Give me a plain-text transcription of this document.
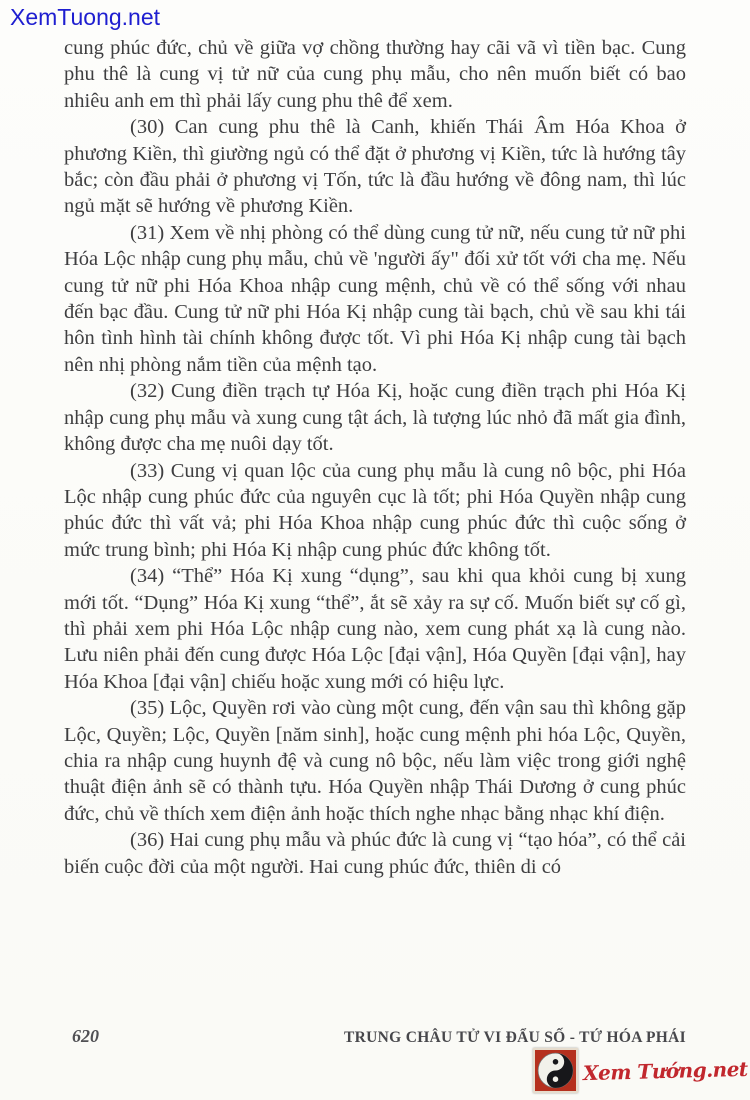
XemTuong.net

cung phúc đức, chủ về giữa vợ chồng thường hay cãi vã vì tiền bạc. Cung phu thê là cung vị tử nữ của cung phụ mẫu, cho nên muốn biết có bao nhiêu anh em thì phải lấy cung phu thê để xem.

(30) Can cung phu thê là Canh, khiến Thái Âm Hóa Khoa ở phương Kiền, thì giường ngủ có thể đặt ở phương vị Kiền, tức là hướng tây bắc; còn đầu phải ở phương vị Tốn, tức là đầu hướng về đông nam, thì lúc ngủ mặt sẽ hướng về phương Kiền.

(31) Xem về nhị phòng có thể dùng cung tử nữ, nếu cung tử nữ phi Hóa Lộc nhập cung phụ mẫu, chủ về 'người ấy" đối xử tốt với cha mẹ. Nếu cung tử nữ phi Hóa Khoa nhập cung mệnh, chủ về có thể sống với nhau đến bạc đầu. Cung tử nữ phi Hóa Kị nhập cung tài bạch, chủ về sau khi tái hôn tình hình tài chính không được tốt. Vì phi Hóa Kị nhập cung tài bạch nên nhị phòng nắm tiền của mệnh tạo.

(32) Cung điền trạch tự Hóa Kị, hoặc cung điền trạch phi Hóa Kị nhập cung phụ mẫu và xung cung tật ách, là tượng lúc nhỏ đã mất gia đình, không được cha mẹ nuôi dạy tốt.

(33) Cung vị quan lộc của cung phụ mẫu là cung nô bộc, phi Hóa Lộc nhập cung phúc đức của nguyên cục là tốt; phi Hóa Quyền nhập cung phúc đức thì vất vả; phi Hóa Khoa nhập cung phúc đức thì cuộc sống ở mức trung bình; phi Hóa Kị nhập cung phúc đức không tốt.

(34) “Thể” Hóa Kị xung “dụng”, sau khi qua khỏi cung bị xung mới tốt. “Dụng” Hóa Kị xung “thể”, ắt sẽ xảy ra sự cố. Muốn biết sự cố gì, thì phải xem phi Hóa Lộc nhập cung nào, xem cung phát xạ là cung nào. Lưu niên phải đến cung được Hóa Lộc [đại vận], Hóa Quyền [đại vận], hay Hóa Khoa [đại vận] chiếu hoặc xung mới có hiệu lực.

(35) Lộc, Quyền rơi vào cùng một cung, đến vận sau thì không gặp Lộc, Quyền; Lộc, Quyền [năm sinh], hoặc cung mệnh phi hóa Lộc, Quyền, chia ra nhập cung huynh đệ và cung nô bộc, nếu làm việc trong giới nghệ thuật điện ảnh sẽ có thành tựu. Hóa Quyền nhập Thái Dương ở cung phúc đức, chủ về thích xem điện ảnh hoặc thích nghe nhạc bằng nhạc khí điện.

(36) Hai cung phụ mẫu và phúc đức là cung vị “tạo hóa”, có thể cải biến cuộc đời của một người. Hai cung phúc đức, thiên di có

620	TRUNG CHÂU TỬ VI ĐẨU SỐ - TỨ HÓA PHÁI
Xem Tướng.net
